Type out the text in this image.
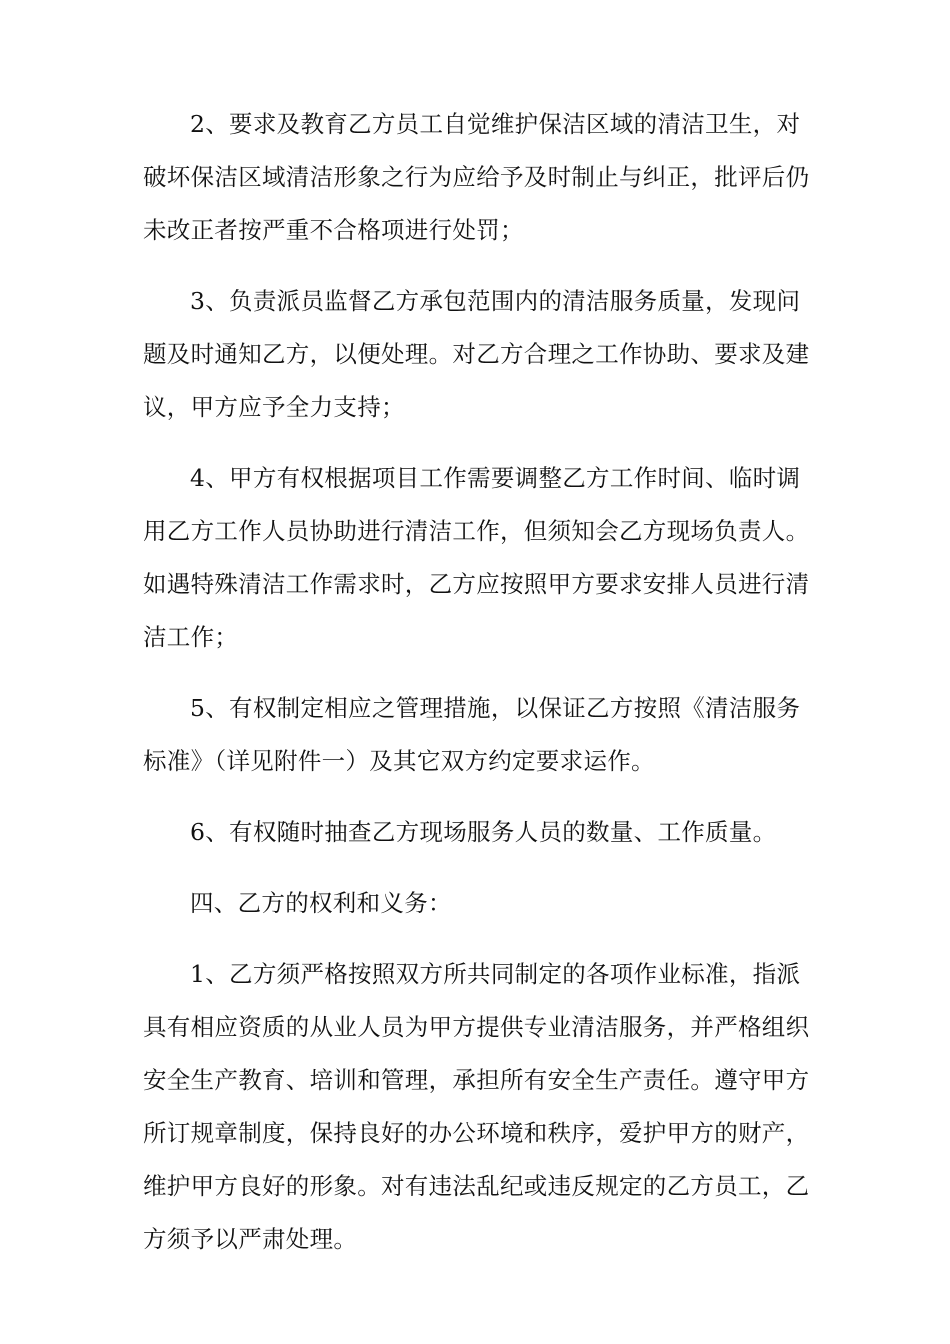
2、要求及教育乙方员工自觉维护保洁区域的清洁卫生，对
破坏保洁区域清洁形象之行为应给予及时制止与纠正，批评后仍
未改正者按严重不合格项进行处罚；

3、负责派员监督乙方承包范围内的清洁服务质量，发现问
题及时通知乙方，以便处理。对乙方合理之工作协助、要求及建
议，甲方应予全力支持；

4、甲方有权根据项目工作需要调整乙方工作时间、临时调
用乙方工作人员协助进行清洁工作，但须知会乙方现场负责人。
如遇特殊清洁工作需求时，乙方应按照甲方要求安排人员进行清
洁工作；

5、有权制定相应之管理措施，以保证乙方按照《清洁服务
标准》（详见附件一）及其它双方约定要求运作。

6、有权随时抽查乙方现场服务人员的数量、工作质量。

四、乙方的权利和义务：

1、乙方须严格按照双方所共同制定的各项作业标准，指派
具有相应资质的从业人员为甲方提供专业清洁服务，并严格组织
安全生产教育、培训和管理，承担所有安全生产责任。遵守甲方
所订规章制度，保持良好的办公环境和秩序，爱护甲方的财产，
维护甲方良好的形象。对有违法乱纪或违反规定的乙方员工，乙
方须予以严肃处理。
